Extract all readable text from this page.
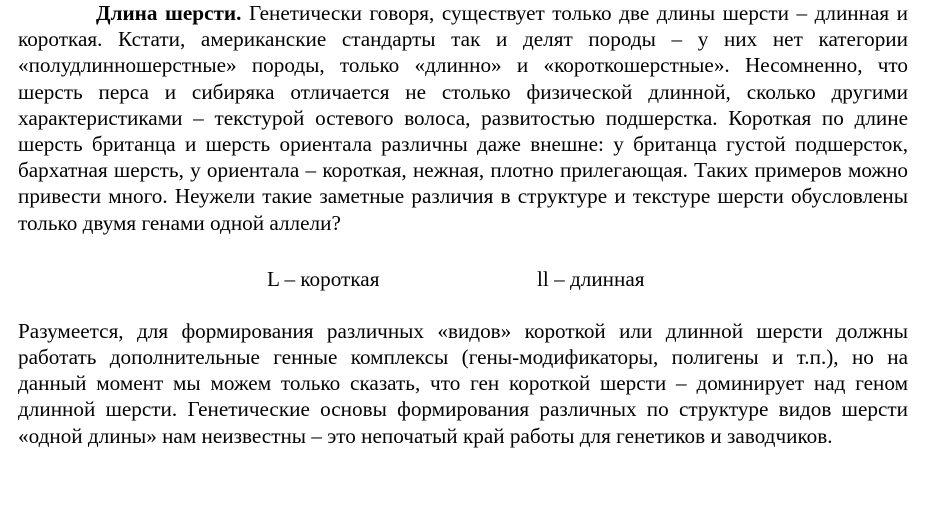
Длина шерсти. Генетически говоря, существует только две длины шерсти – длинная и короткая. Кстати, американские стандарты так и делят породы – у них нет категории «полудлинношерстные» породы, только «длинно» и «короткошерстные». Несомненно, что шерсть перса и сибиряка отличается не столько физической длинной, сколько другими характеристиками – текстурой остевого волоса, развитостью подшерстка. Короткая по длине шерсть британца и шерсть ориентала различны даже внешне: у британца густой подшерсток, бархатная шерсть, у ориентала – короткая, нежная, плотно прилегающая. Таких примеров можно привести много. Неужели такие заметные различия в структуре и текстуре шерсти обусловлены только двумя генами одной аллели?

L – короткая	ll – длинная

Разумеется, для формирования различных «видов» короткой или длинной шерсти должны работать дополнительные генные комплексы (гены-модификаторы, полигены и т.п.), но на данный момент мы можем только сказать, что ген короткой шерсти – доминирует над геном длинной шерсти. Генетические основы формирования различных по структуре видов шерсти «одной длины» нам неизвестны – это непочатый край работы для генетиков и заводчиков.
